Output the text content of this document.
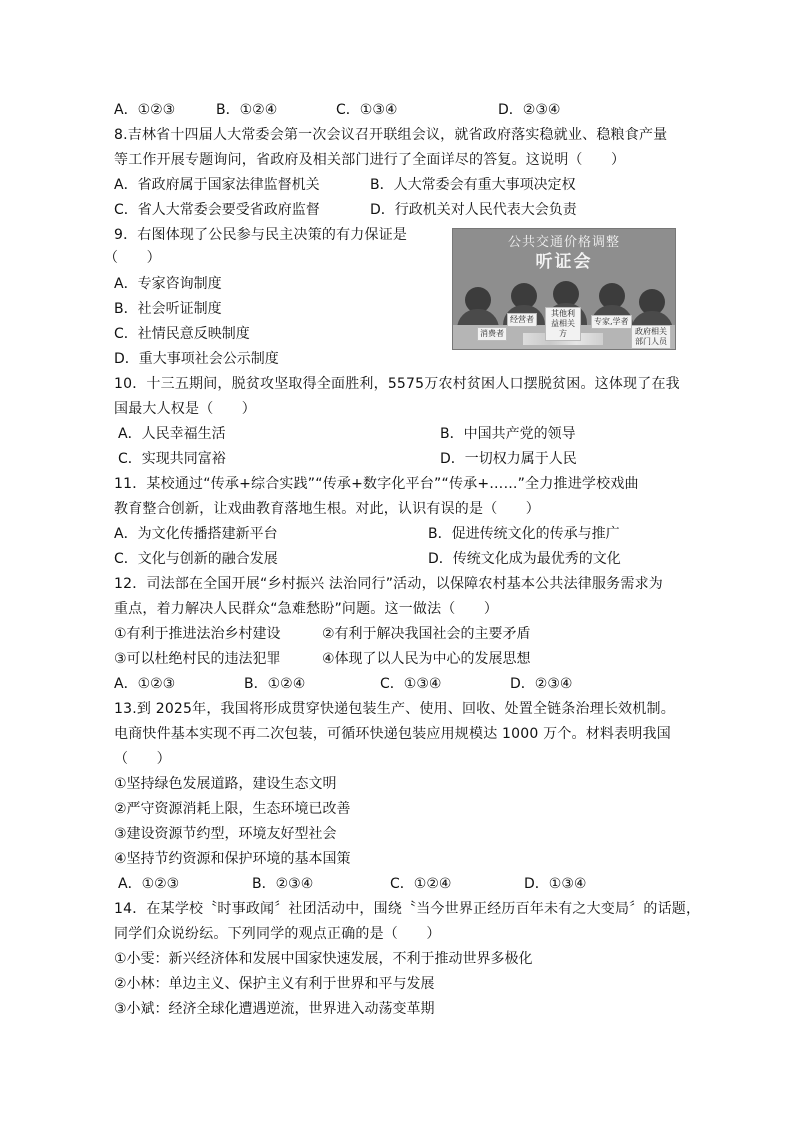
A．①②③	B．①②④	C．①③④	D．②③④
8.吉林省十四届人大常委会第一次会议召开联组会议，就省政府落实稳就业、稳粮食产量
等工作开展专题询问，省政府及相关部门进行了全面详尽的答复。这说明（　　）
A．省政府属于国家法律监督机关	B．人大常委会有重大事项决定权
C．省人大常委会要受省政府监督	D．行政机关对人民代表大会负责
9．右图体现了公民参与民主决策的有力保证是
（　　）
A．专家咨询制度
B．社会听证制度
C．社情民意反映制度
D．重大事项社会公示制度
公共交通价格调整
听证会
消费者
经营者
其他利益相关方
专家,学者
政府相关部门人员
10．十三五期间，脱贫攻坚取得全面胜利，5575万农村贫困人口摆脱贫困。这体现了在我
国最大人权是（　　）
A．人民幸福生活	B．中国共产党的领导
C．实现共同富裕	D．一切权力属于人民
11．某校通过“传承+综合实践”“传承+数字化平台”“传承+……”全力推进学校戏曲
教育整合创新，让戏曲教育落地生根。对此，认识有误的是（　　）
A．为文化传播搭建新平台	B．促进传统文化的传承与推广
C．文化与创新的融合发展	D．传统文化成为最优秀的文化
12．司法部在全国开展“乡村振兴 法治同行”活动，以保障农村基本公共法律服务需求为
重点，着力解决人民群众“急难愁盼”问题。这一做法（　　）
①有利于推进法治乡村建设	②有利于解决我国社会的主要矛盾
③可以杜绝村民的违法犯罪	④体现了以人民为中心的发展思想
A．①②③	B．①②④	C．①③④	D．②③④
13.到 2025年，我国将形成贯穿快递包装生产、使用、回收、处置全链条治理长效机制。
电商快件基本实现不再二次包装，可循环快递包装应用规模达 1000 万个。材料表明我国
（　　）
①坚持绿色发展道路，建设生态文明
②严守资源消耗上限，生态环境已改善
③建设资源节约型，环境友好型社会
④坚持节约资源和保护环境的基本国策
A．①②③	B．②③④	C．①②④	D．①③④
14．在某学校〝时事政闻〞社团活动中，围绕〝当今世界正经历百年未有之大变局〞的话题，
同学们众说纷纭。下列同学的观点正确的是（　　）
①小雯：新兴经济体和发展中国家快速发展，不利于推动世界多极化
②小林：单边主义、保护主义有利于世界和平与发展
③小斌：经济全球化遭遇逆流，世界进入动荡变革期
